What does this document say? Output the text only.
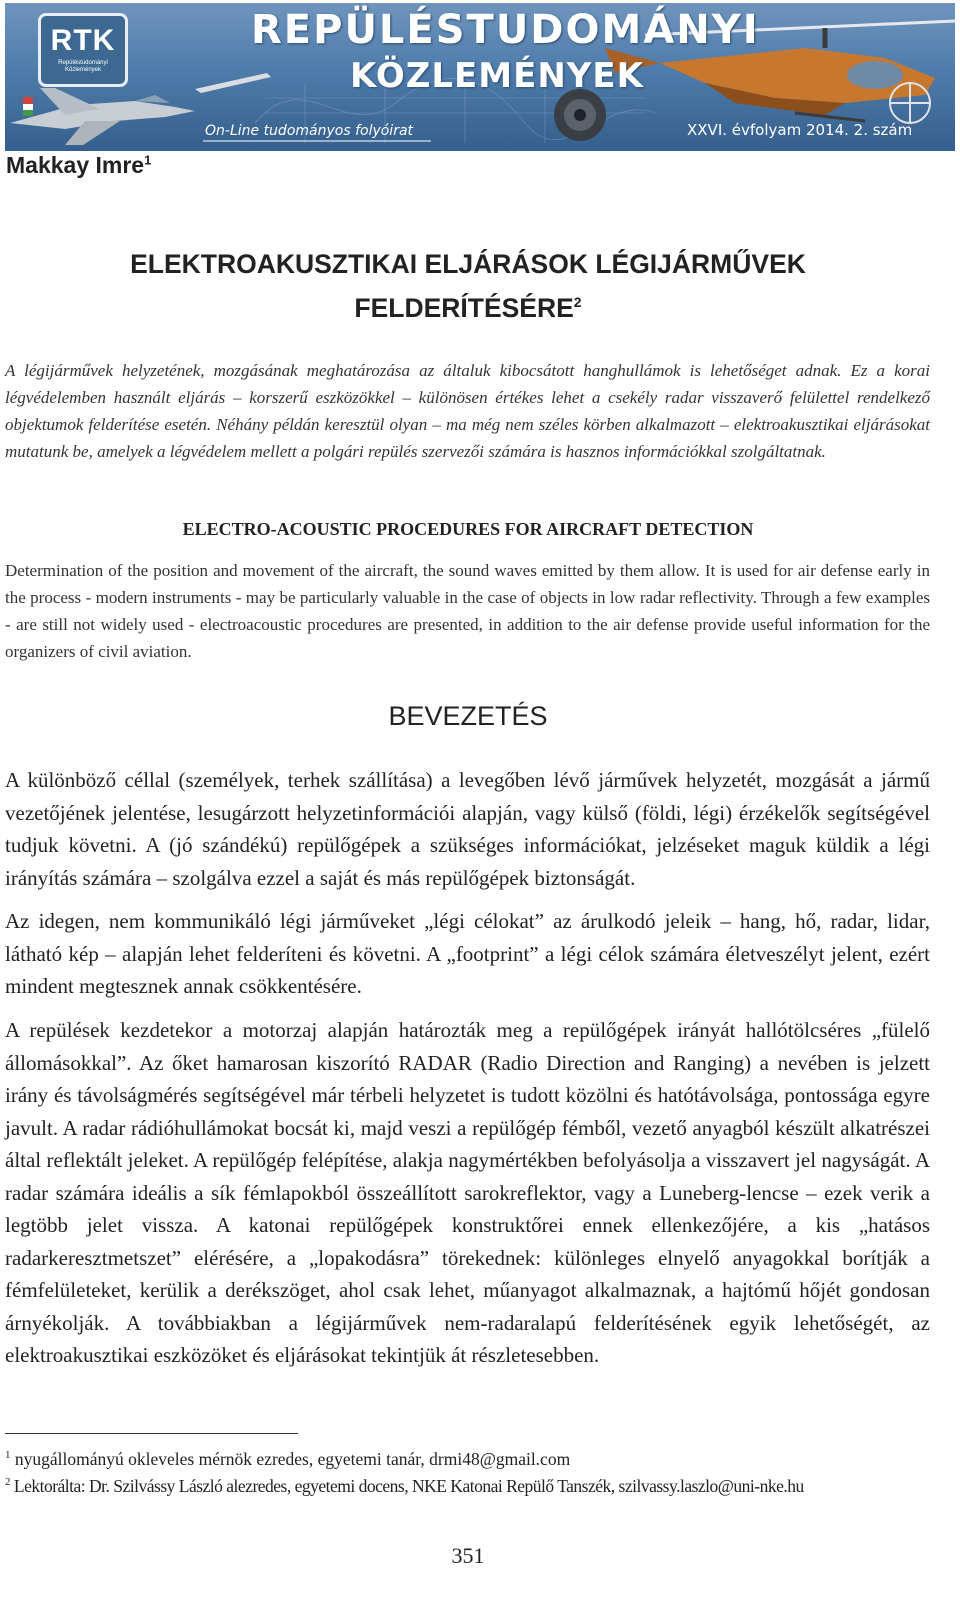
RTK
Repüléstudományi Közlemények
REPÜLÉSTUDOMÁNYI
KÖZLEMÉNYEK
On-Line tudományos folyóirat	XXVI. évfolyam 2014. 2. szám
Makkay Imre$^1$
ELEKTROAKUSZTIKAI ELJÁRÁSOK LÉGIJÁRMŰVEK
FELDERÍTÉSÉRE$^2$

A légijárművek helyzetének, mozgásának meghatározása az általuk kibocsátott hanghullámok is lehetőséget adnak. Ez a korai légvédelemben használt eljárás – korszerű eszközökkel – különösen értékes lehet a csekély radar visszaverő felülettel rendelkező objektumok felderítése esetén. Néhány példán keresztül olyan – ma még nem széles körben alkalmazott – elektroakusztikai eljárásokat mutatunk be, amelyek a légvédelem mellett a polgári repülés szervezői számára is hasznos információkkal szolgáltatnak.

ELECTRO-ACOUSTIC PROCEDURES FOR AIRCRAFT DETECTION

Determination of the position and movement of the aircraft, the sound waves emitted by them allow. It is used for air defense early in the process - modern instruments - may be particularly valuable in the case of objects in low radar reflectivity. Through a few examples - are still not widely used - electroacoustic procedures are presented, in addition to the air defense provide useful information for the organizers of civil aviation.

BEVEZETÉS

A különböző céllal (személyek, terhek szállítása) a levegőben lévő járművek helyzetét, mozgását a jármű vezetőjének jelentése, lesugárzott helyzetinformációi alapján, vagy külső (földi, légi) érzékelők segítségével tudjuk követni. A (jó szándékú) repülőgépek a szükséges információkat, jelzéseket maguk küldik a légi irányítás számára – szolgálva ezzel a saját és más repülőgépek biztonságát.

Az idegen, nem kommunikáló légi járműveket „légi célokat” az árulkodó jeleik – hang, hő, radar, lidar, látható kép – alapján lehet felderíteni és követni. A „footprint” a légi célok számára életveszélyt jelent, ezért mindent megtesznek annak csökkentésére.

A repülések kezdetekor a motorzaj alapján határozták meg a repülőgépek irányát hallótölcséres „fülelő állomásokkal”. Az őket hamarosan kiszorító RADAR (Radio Direction and Ranging) a nevében is jelzett irány és távolságmérés segítségével már térbeli helyzetet is tudott közölni és hatótávolsága, pontossága egyre javult. A radar rádióhullámokat bocsát ki, majd veszi a repülőgép fémből, vezető anyagból készült alkatrészei által reflektált jeleket. A repülőgép felépítése, alakja nagymértékben befolyásolja a visszavert jel nagyságát. A radar számára ideális a sík fémlapokból összeállított sarokreflektor, vagy a Luneberg-lencse – ezek verik a legtöbb jelet vissza. A katonai repülőgépek konstruktőrei ennek ellenkezőjére, a kis „hatásos radarkeresztmetszet” elérésére, a „lopakodásra” törekednek: különleges elnyelő anyagokkal borítják a fémfelületeket, kerülik a derékszöget, ahol csak lehet, műanyagot alkalmaznak, a hajtómű hőjét gondosan árnyékolják. A továbbiakban a légijárművek nem-radaralapú felderítésének egyik lehetőségét, az elektroakusztikai eszközöket és eljárásokat tekintjük át részletesebben.

$^1$ nyugállományú okleveles mérnök ezredes, egyetemi tanár, drmi48@gmail.com
$^2$ Lektorálta: Dr. Szilvássy László alezredes, egyetemi docens, NKE Katonai Repülő Tanszék, szilvassy.laszlo@uni-nke.hu
351
